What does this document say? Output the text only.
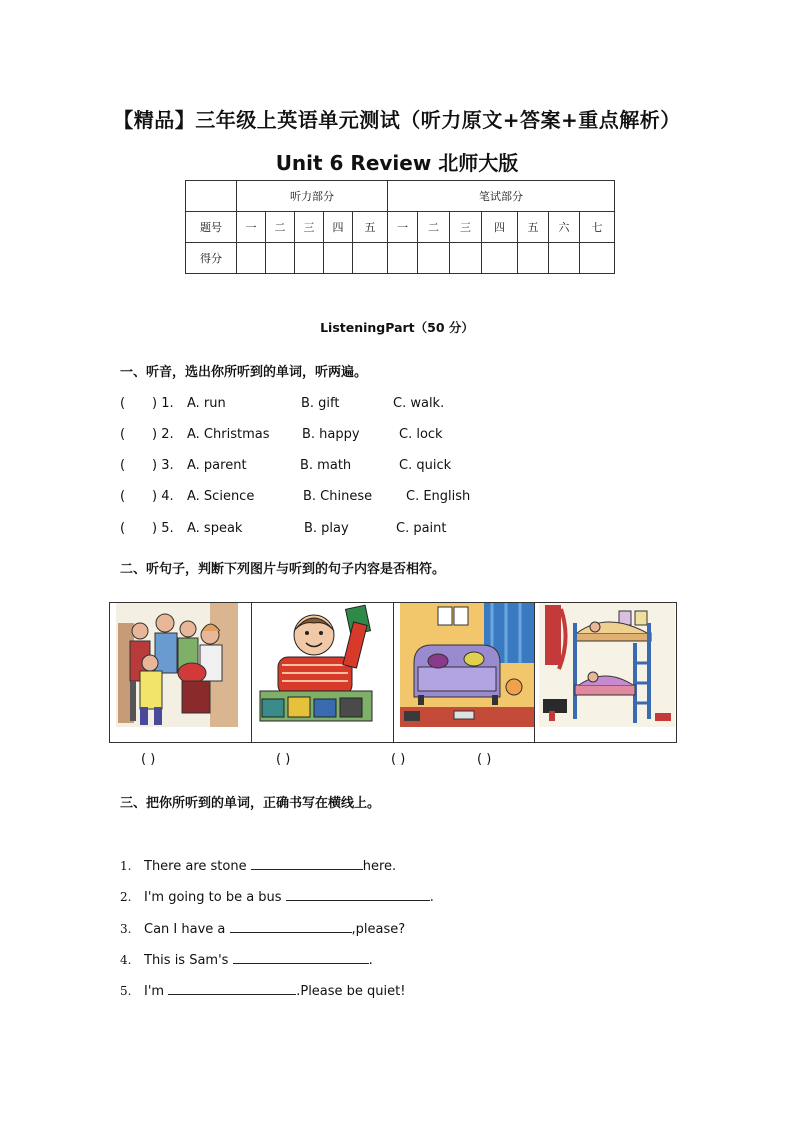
【精品】三年级上英语单元测试（听力原文+答案+重点解析）
Unit 6 Review 北师大版
	听力部分					笔试部分						
题号	一	二	三	四	五	一	二	三	四	五	六	七
得分												
ListeningPart（50 分）
一、听音，选出你所听到的单词，听两遍。
( ) 1. A. run	B. gift	C. walk.
( ) 2. A. Christmas	B. happy	C. lock
( ) 3. A. parent	B. math	C. quick
( ) 4. A. Science	B. Chinese	C. English
( ) 5. A. speak	B. play	C. paint
二、听句子，判断下列图片与听到的句子内容是否相符。
( )	( )	( )	( )
三、把你所听到的单词，正确书写在横线上。
1. There are stone	here.
2. I'm going to be a bus	.
3. Can I have a	,please?
4. This is Sam's	.
5. I'm	.Please be quiet!
